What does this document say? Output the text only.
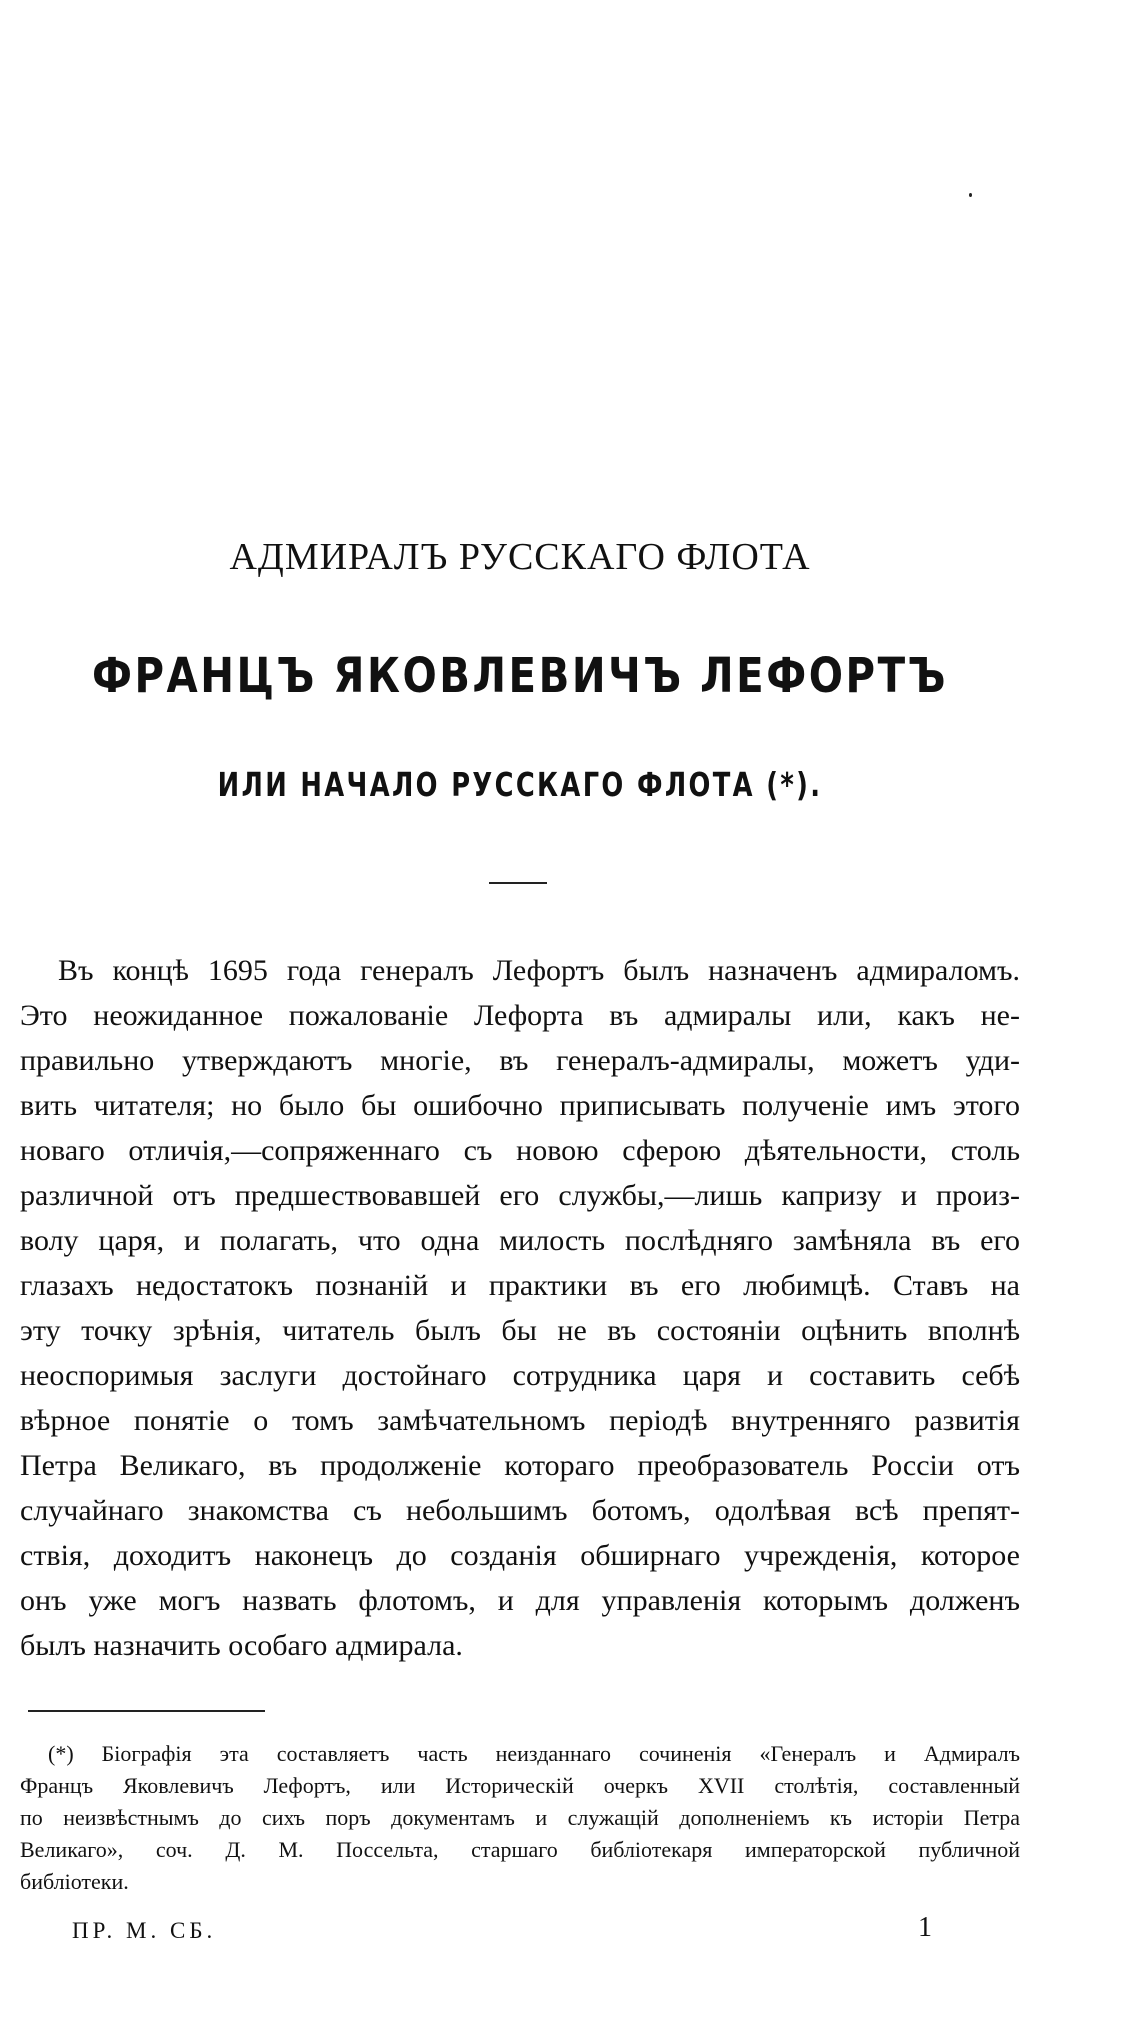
АДМИРАЛЪ РУССКАГО ФЛОТА
ФРАНЦЪ ЯКОВЛЕВИЧЪ ЛЕФОРТЪ
ИЛИ НАЧАЛО РУССКАГО ФЛОТА (*).
Въ концѣ 1695 года генералъ Лефортъ былъ назначенъ адмираломъ.
Это неожиданное пожалованіе Лефорта въ адмиралы или, какъ не-
правильно утверждаютъ многіе, въ генералъ-адмиралы, можетъ уди-
вить читателя; но было бы ошибочно приписывать полученіе имъ этого
новаго отличія,—сопряженнаго съ новою сферою дѣятельности, столь
различной отъ предшествовавшей его службы,—лишь капризу и произ-
волу царя, и полагать, что одна милость послѣдняго замѣняла въ его
глазахъ недостатокъ познаній и практики въ его любимцѣ. Ставъ на
эту точку зрѣнія, читатель былъ бы не въ состояніи оцѣнить вполнѣ
неоспоримыя заслуги достойнаго сотрудника царя и составить себѣ
вѣрное понятіе о томъ замѣчательномъ періодѣ внутренняго развитія
Петра Великаго, въ продолженіе котораго преобразователь Россіи отъ
случайнаго знакомства съ небольшимъ ботомъ, одолѣвая всѣ препят-
ствія, доходитъ наконецъ до созданія обширнаго учрежденія, которое
онъ уже могъ назвать флотомъ, и для управленія которымъ долженъ
былъ назначить особаго адмирала.
(*) Біографія эта составляетъ часть неизданнаго сочиненія «Генералъ и Адмиралъ
Францъ Яковлевичъ Лефортъ, или Историческій очеркъ XVII столѣтія, составленный
по неизвѣстнымъ до сихъ поръ документамъ и служащій дополненіемъ къ исторіи Петра
Великаго», соч. Д. М. Поссельта, старшаго библіотекаря императорской публичной
библіотеки.
ПР. М. СБ.	1
